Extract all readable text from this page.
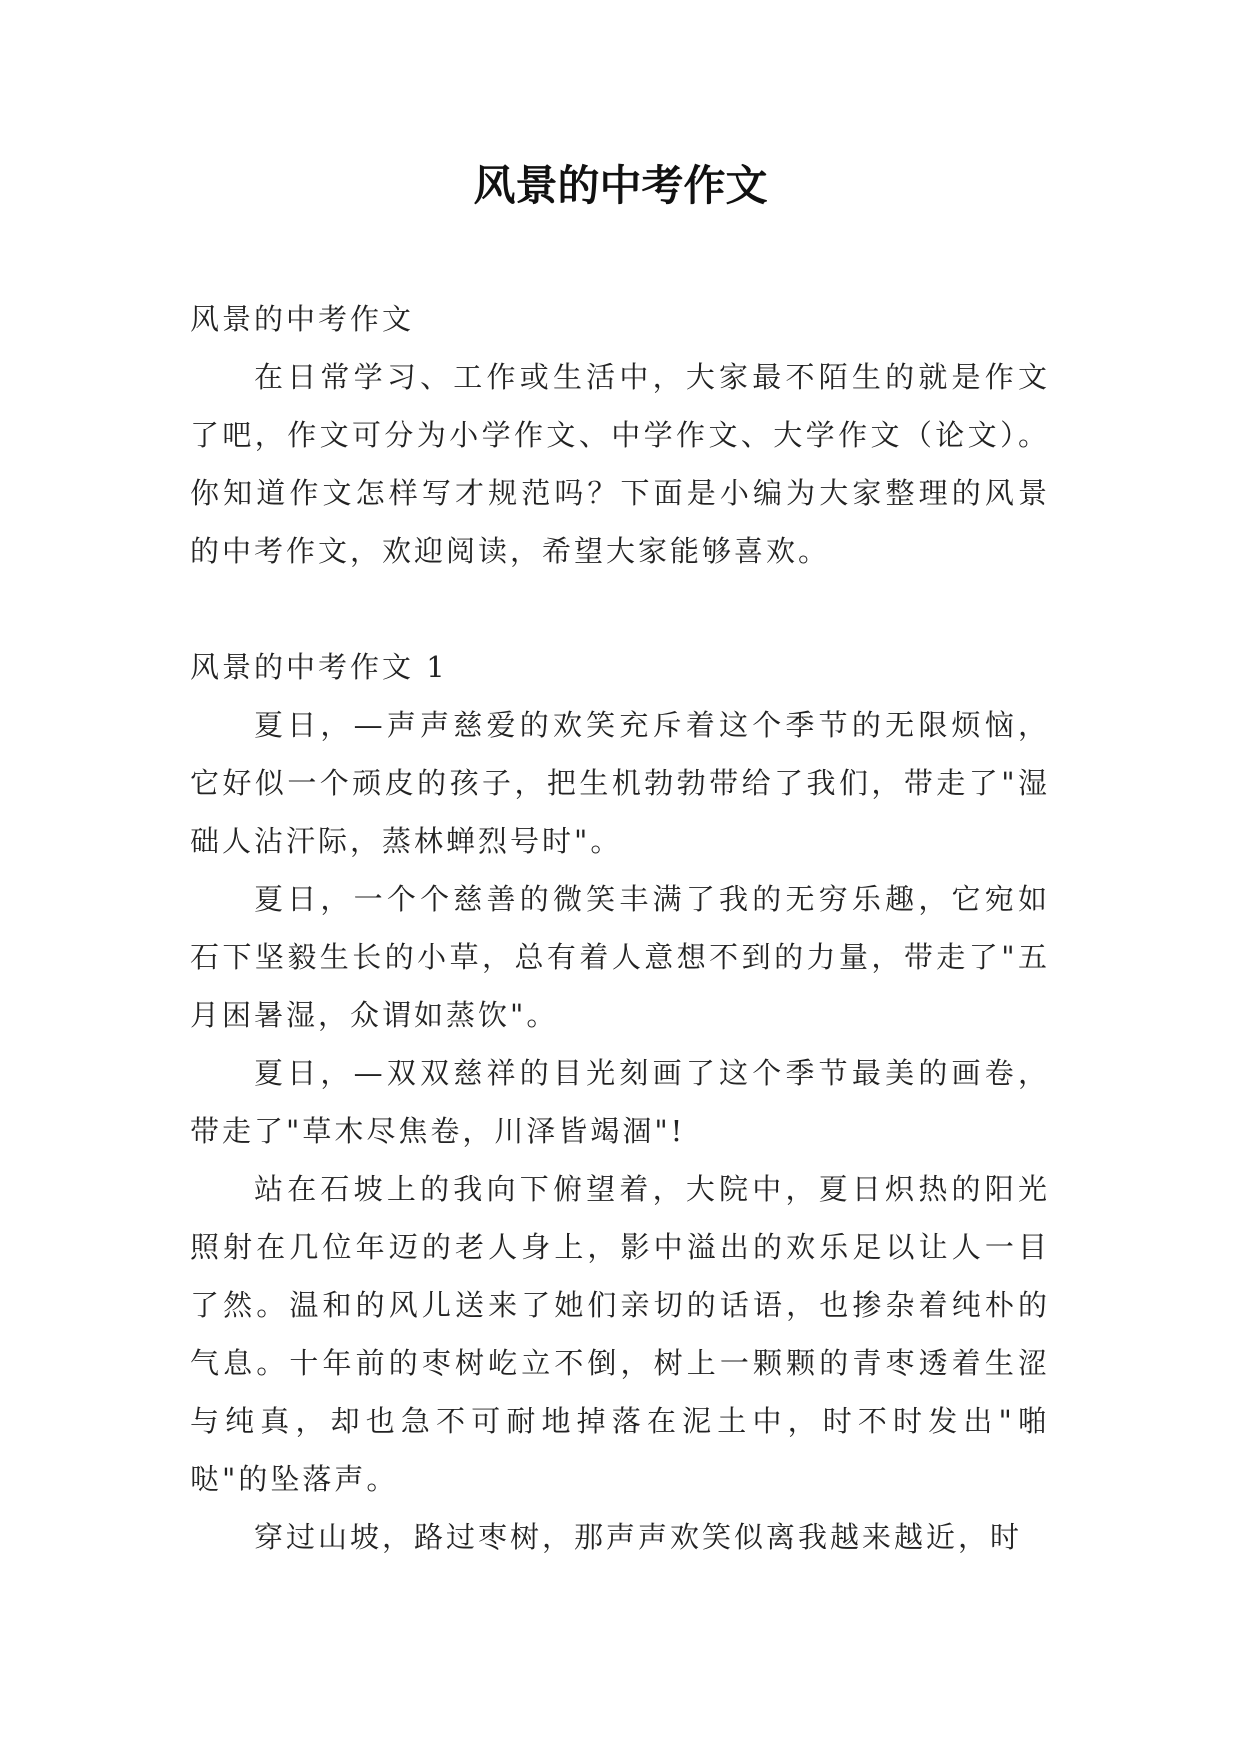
风景的中考作文

风景的中考作文

在日常学习、工作或生活中，大家最不陌生的就是作文了吧，作文可分为小学作文、中学作文、大学作文（论文）。你知道作文怎样写才规范吗？下面是小编为大家整理的风景的中考作文，欢迎阅读，希望大家能够喜欢。

风景的中考作文 1

夏日，—声声慈爱的欢笑充斥着这个季节的无限烦恼，它好似一个顽皮的孩子，把生机勃勃带给了我们，带走了"湿础人沾汗际，蒸林蝉烈号时"。

夏日，一个个慈善的微笑丰满了我的无穷乐趣，它宛如石下坚毅生长的小草，总有着人意想不到的力量，带走了"五月困暑湿，众谓如蒸饮"。

夏日，—双双慈祥的目光刻画了这个季节最美的画卷，带走了"草木尽焦卷，川泽皆竭涸"!

站在石坡上的我向下俯望着，大院中，夏日炽热的阳光照射在几位年迈的老人身上，影中溢出的欢乐足以让人一目了然。温和的风儿送来了她们亲切的话语，也掺杂着纯朴的气息。十年前的枣树屹立不倒，树上一颗颗的青枣透着生涩与纯真，却也急不可耐地掉落在泥土中，时不时发出"啪哒"的坠落声。

穿过山坡，路过枣树，那声声欢笑似离我越来越近，时
